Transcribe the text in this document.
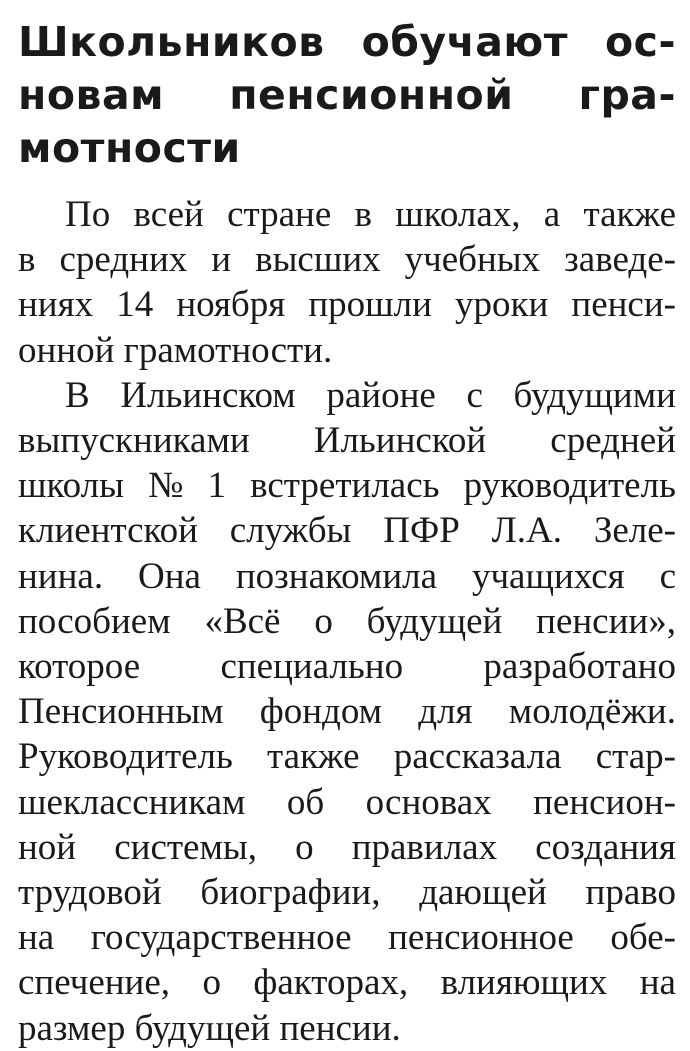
Школьников обучают ос-
новам пенсионной гра-
мотности

По всей стране в школах, а также
в средних и высших учебных заведе-
ниях 14 ноября прошли уроки пенси-
онной грамотности.

В Ильинском районе с будущими
выпускниками Ильинской средней
школы № 1 встретилась руководитель
клиентской службы ПФР Л.А. Зеле-
нина. Она познакомила учащихся с
пособием «Всё о будущей пенсии»,
которое специально разработано
Пенсионным фондом для молодёжи.
Руководитель также рассказала стар-
шеклассникам об основах пенсион-
ной системы, о правилах создания
трудовой биографии, дающей право
на государственное пенсионное обе-
спечение, о факторах, влияющих на
размер будущей пенсии.
